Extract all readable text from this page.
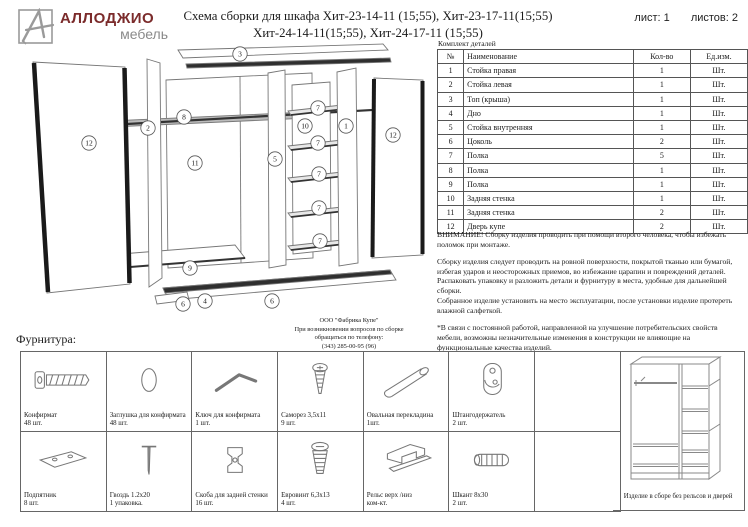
АЛЛОДЖИО
мебель
Схема сборки для шкафа Хит-23-14-11 (15;55), Хит-23-17-11(15;55)
Хит-24-14-11(15;55), Хит-24-17-11 (15;55)
лист: 1 листов: 2
3
12
2
8
11
9
5
10
7
7
7
7
7
1
12
6 4	6
Комплект деталей
№	Наименование	Кол-во	Ед.изм.
1	Стойка правая	1	Шт.
2	Стойка левая	1	Шт.
3	Топ (крыша)	1	Шт.
4	Дно	1	Шт.
5	Стойка внутренняя	1	Шт.
6	Цоколь	2	Шт.
7	Полка	5	Шт.
8	Полка	1	Шт.
9	Полка	1	Шт.
10	Задняя стенка	1	Шт.
11	Задняя стенка	2	Шт.
12	Дверь купе	2	Шт.

ВНИМАНИЕ! Сборку изделия проводить при помощи второго человека, чтобы избежать поломок при монтаже.

Сборку изделия следует проводить на ровной поверхности, покрытой тканью или бумагой, избегая ударов и неосторожных приемов, во избежание царапин и повреждений деталей.

Распаковать упаковку и разложить детали и фурнитуру в места, удобные для дальнейшей сборки.

Собранное изделие установить на место эксплуатации, после установки изделие протереть влажной салфеткой.

*В связи с постоянной работой, направленной на улучшение потребительских свойств мебели, возможны незначительные изменения в конструкции не влияющие на функциональные качества изделий.

ООО "Фабрика Купе"
При возникновении вопросов по сборке
обращаться по телефону:
(343) 285-00-95 (96)
Фурнитура:
Конфирмат
48 шт.

Заглушка для конфирмата
48 шт.

Ключ для конфирмата
1 шт.

Саморез 3,5х11
9 шт.

Овальная перекладина
1шт.

Штангодержатель
2 шт.

Подпятник
8 шт.

Гвоздь 1.2х20
1 упаковка.

Скоба для задней стенки
16 шт.

Евровинт 6,3х13
4 шт.

Рельс верх /низ
ком-кт.

Шкант 8х30
2 шт.

Изделие в сборе без рельсов и дверей
